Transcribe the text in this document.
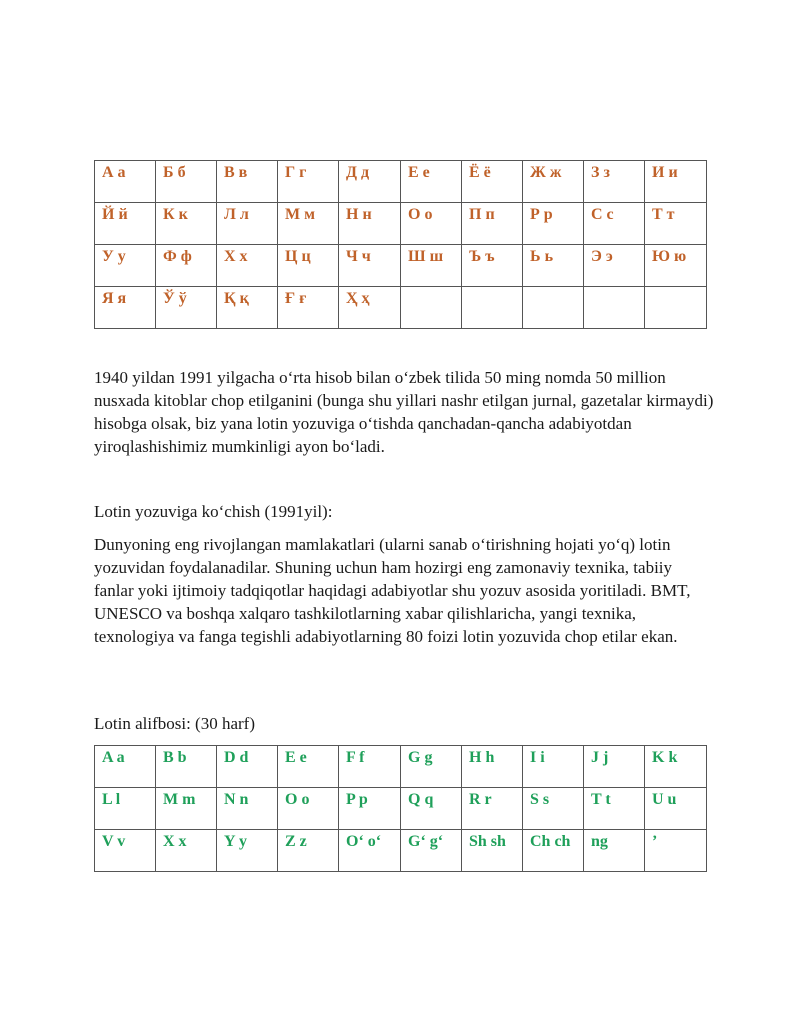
А а	Б б	В в	Г г	Д д	Е е	Ё ё	Ж ж	З з	И и
Й й	К к	Л л	М м	Н н	О о	П п	Р р	С с	Т т
У у	Ф ф	Х х	Ц ц	Ч ч	Ш ш	Ъ ъ	Ь ь	Э э	Ю ю
Я я	Ў ў	Қ қ	Ғ ғ	Ҳ ҳ					

1940 yildan 1991 yilgacha o‘rta hisob bilan o‘zbek tilida 50 ming nomda 50 million nusxada kitoblar chop etilganini (bunga shu yillari nashr etilgan jurnal, gazetalar kirmaydi) hisobga olsak, biz yana lotin yozuviga o‘tishda qanchadan-qancha adabiyotdan yiroqlashishimiz mumkinligi ayon bo‘ladi.

Lotin yozuviga ko‘chish (1991yil):

Dunyoning eng rivojlangan mamlakatlari (ularni sanab o‘tirishning hojati yo‘q) lotin yozuvidan foydalanadilar. Shuning uchun ham hozirgi eng zamonaviy texnika, tabiiy fanlar yoki ijtimoiy tadqiqotlar haqidagi adabiyotlar shu yozuv asosida yoritiladi. BMT, UNESCO va boshqa xalqaro tashkilotlarning xabar qilishlaricha, yangi texnika, texnologiya va fanga tegishli adabiyotlarning 80 foizi lotin yozuvida chop etilar ekan.

Lotin alifbosi: (30 harf)

A a	B b	D d	E e	F f	G g	H h	I i	J j	K k
L l	M m	N n	O o	P p	Q q	R r	S s	T t	U u
V v	X x	Y y	Z z	O‘ o‘	G‘ g‘	Sh sh	Ch ch	ng	’
